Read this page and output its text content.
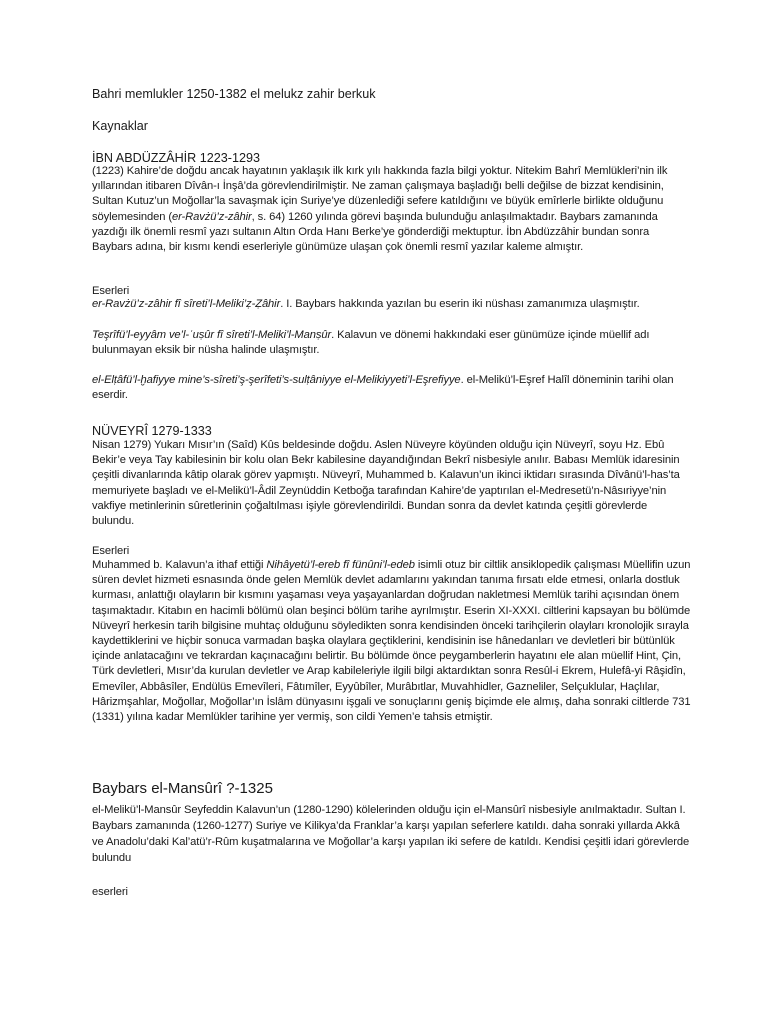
Bahri memlukler 1250-1382 el melukz zahir berkuk

Kaynaklar

İBN ABDÜZZÂHİR 1223-1293

(1223) Kahire’de doğdu ancak hayatının yaklaşık ilk kırk yılı hakkında fazla bilgi yoktur. Nitekim Bahrî Memlükleri’nin ilk yıllarından itibaren Dîvân-ı İnşâ’da görevlendirilmiştir. Ne zaman çalışmaya başladığı belli değilse de bizzat kendisinin, Sultan Kutuz’un Moğollar’la savaşmak için Suriye’ye düzenlediği sefere katıldığını ve büyük emîrlerle birlikte olduğunu söylemesinden (er-Ravżü’z-zâhir, s. 64) 1260 yılında görevi başında bulunduğu anlaşılmaktadır. Baybars zamanında yazdığı ilk önemli resmî yazı sultanın Altın Orda Hanı Berke’ye gönderdiği mektuptur. İbn Abdüzzâhir bundan sonra Baybars adına, bir kısmı kendi eserleriyle günümüze ulaşan çok önemli resmî yazılar kaleme almıştır.

Eserleri

er-Ravżü’z-zâhir fî sîreti’l-Meliki’ẓ-Ẓâhir. I. Baybars hakkında yazılan bu eserin iki nüshası zamanımıza ulaşmıştır.

Teşrîfü’l-eyyâm ve’l-ʿuṣûr fî sîreti’l-Meliki’l-Manṣûr. Kalavun ve dönemi hakkındaki eser günümüze içinde müellif adı bulunmayan eksik bir nüsha halinde ulaşmıştır.

el-Elṭâfü’l-ḫafiyye mine’s-sîreti’ş-şerîfeti’s-sulṭâniyye el-Melikiyyeti’l-Eşrefiyye. el-Melikü’l-Eşref Halîl döneminin tarihi olan eserdir.

NÜVEYRÎ 1279-1333

Nisan 1279) Yukarı Mısır’ın (Saîd) Kûs beldesinde doğdu. Aslen Nüveyre köyünden olduğu için Nüveyrî, soyu Hz. Ebû Bekir’e veya Tay kabilesinin bir kolu olan Bekr kabilesine dayandığından Bekrî nisbesiyle anılır. Babası Memlük idaresinin çeşitli divanlarında kâtip olarak görev yapmıştı. Nüveyrî, Muhammed b. Kalavun’un ikinci iktidarı sırasında Dîvânü’l-has’ta memuriyete başladı ve el-Melikü’l-Âdil Zeynüddin Ketboğa tarafından Kahire’de yaptırılan el-Medresetü’n-Nâsıriyye’nin vakfiye metinlerinin sûretlerinin çoğaltılması işiyle görevlendirildi. Bundan sonra da devlet katında çeşitli görevlerde bulundu.

Eserleri

Muhammed b. Kalavun’a ithaf ettiği Nihâyetü’l-ereb fî fünûni’l-edeb isimli otuz bir ciltlik ansiklopedik çalışması Müellifin uzun süren devlet hizmeti esnasında önde gelen Memlük devlet adamlarını yakından tanıma fırsatı elde etmesi, onlarla dostluk kurması, anlattığı olayların bir kısmını yaşaması veya yaşayanlardan doğrudan nakletmesi Memlük tarihi açısından önem taşımaktadır. Kitabın en hacimli bölümü olan beşinci bölüm tarihe ayrılmıştır. Eserin XI-XXXI. ciltlerini kapsayan bu bölümde Nüveyrî herkesin tarih bilgisine muhtaç olduğunu söyledikten sonra kendisinden önceki tarihçilerin olayları kronolojik sırayla kaydettiklerini ve hiçbir sonuca varmadan başka olaylara geçtiklerini, kendisinin ise hânedanları ve devletleri bir bütünlük içinde anlatacağını ve tekrardan kaçınacağını belirtir. Bu bölümde önce peygamberlerin hayatını ele alan müellif Hint, Çin, Türk devletleri, Mısır’da kurulan devletler ve Arap kabileleriyle ilgili bilgi aktardıktan sonra Resûl-i Ekrem, Hulefâ-yi Râşidîn, Emevîler, Abbâsîler, Endülüs Emevîleri, Fâtımîler, Eyyûbîler, Murâbıtlar, Muvahhidler, Gazneliler, Selçuklular, Haçlılar, Hârizmşahlar, Moğollar, Moğollar’ın İslâm dünyasını işgali ve sonuçlarını geniş biçimde ele almış, daha sonraki ciltlerde 731 (1331) yılına kadar Memlükler tarihine yer vermiş, son cildi Yemen’e tahsis etmiştir.

Baybars el-Mansûrî ?-1325

el-Melikü’l-Mansûr Seyfeddin Kalavun’un (1280-1290) kölelerinden olduğu için el-Mansûrî nisbesiyle anılmaktadır. Sultan I. Baybars zamanında (1260-1277) Suriye ve Kilikya’da Franklar’a karşı yapılan seferlere katıldı. daha sonraki yıllarda Akkâ ve Anadolu’daki Kal’atü’r-Rûm kuşatmalarına ve Moğollar’a karşı yapılan iki sefere de katıldı. Kendisi çeşitli idari görevlerde bulundu

eserleri
